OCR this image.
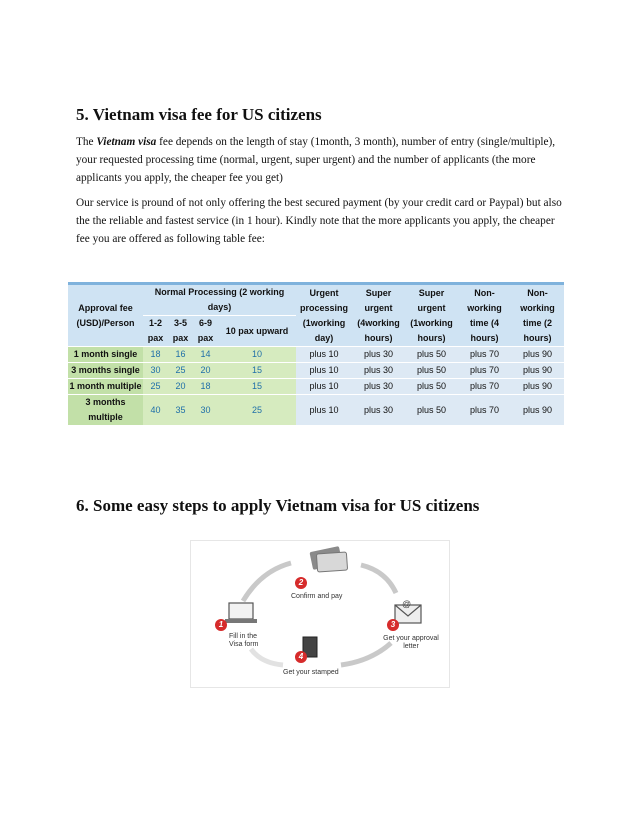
5. Vietnam visa fee for US citizens

The Vietnam visa fee depends on the length of stay (1month, 3 month), number of entry (single/multiple), your requested processing time (normal, urgent, super urgent) and the number of applicants (the more applicants you apply, the cheaper fee you get)

Our service is pround of not only offering the best secured payment (by your credit card or Paypal) but also the the reliable and fastest service (in 1 hour). Kindly note that the more applicants you apply, the cheaper fee you are offered as following table fee:

Approval fee (USD)/Person	Normal Processing (2 working days)				Urgent processing (1working day)	Super urgent (4working hours)	Super urgent (1working hours)	Non-working time (4 hours)	Non-working time (2 hours)
	1-2 pax	3-5 pax	6-9 pax	10 pax upward					

1 month single	18	16	14	10	plus 10	plus 30	plus 50	plus 70	plus 90
3 months single	30	25	20	15	plus 10	plus 30	plus 50	plus 70	plus 90
1 month multiple	25	20	18	15	plus 10	plus 30	plus 50	plus 70	plus 90
3 months multiple	40	35	30	25	plus 10	plus 30	plus 50	plus 70	plus 90
6. Some easy steps to apply Vietnam visa for US citizens
@
1
2
3
4
Fill in the Visa form
Confirm and pay
Get your approval letter
Get your stamped
